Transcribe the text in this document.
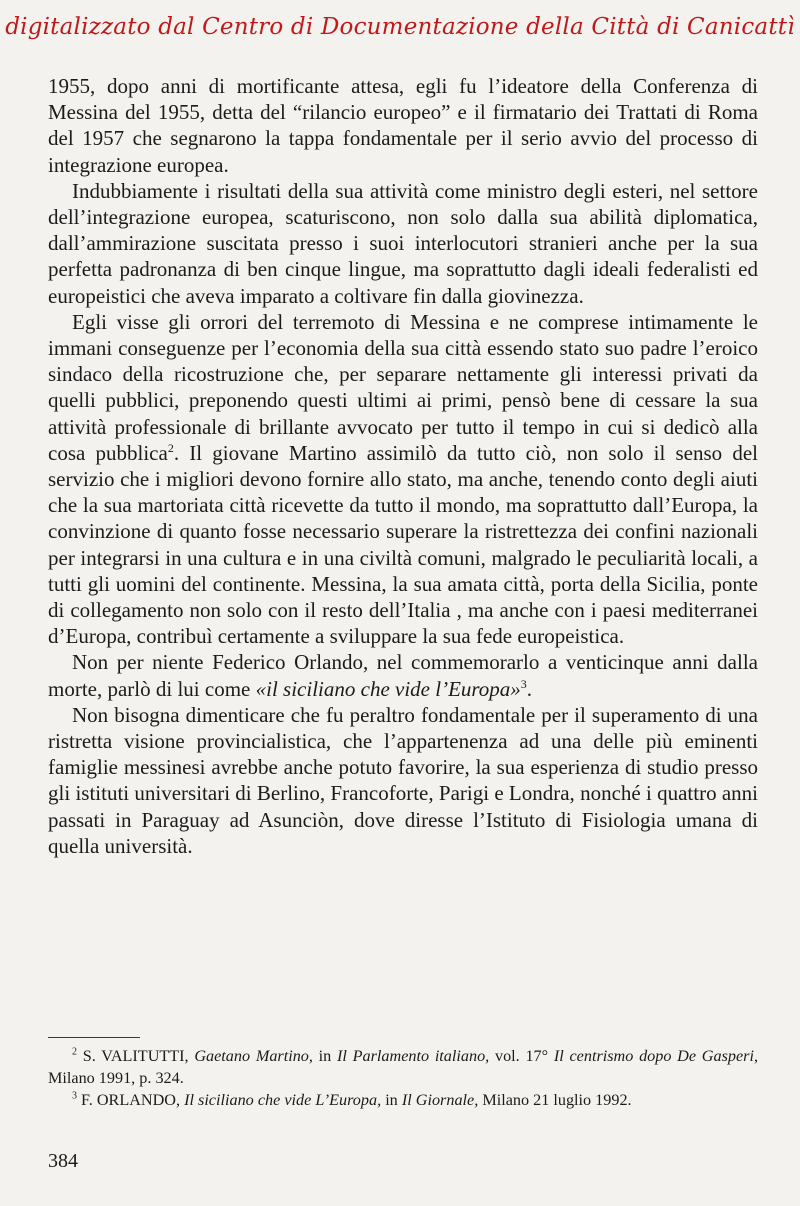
digitalizzato dal Centro di Documentazione della Città di Canicattì

1955, dopo anni di mortificante attesa, egli fu l’ideatore della Conferenza di Messina del 1955, detta del “rilancio europeo” e il firmatario dei Trattati di Roma del 1957 che segnarono la tappa fondamentale per il serio avvio del processo di integrazione europea.

Indubbiamente i risultati della sua attività come ministro degli esteri, nel settore dell’integrazione europea, scaturiscono, non solo dalla sua abilità diplomatica, dall’ammirazione suscitata presso i suoi interlocutori stranieri anche per la sua perfetta padronanza di ben cinque lingue, ma soprattutto dagli ideali federalisti ed europeistici che aveva imparato a coltivare fin dalla giovinezza.

Egli visse gli orrori del terremoto di Messina e ne comprese intimamente le immani conseguenze per l’economia della sua città essendo stato suo padre l’eroico sindaco della ricostruzione che, per separare nettamente gli interessi privati da quelli pubblici, preponendo questi ultimi ai primi, pensò bene di cessare la sua attività professionale di brillante avvocato per tutto il tempo in cui si dedicò alla cosa pubblica$^2$. Il giovane Martino assimilò da tutto ciò, non solo il senso del servizio che i migliori devono fornire allo stato, ma anche, tenendo conto degli aiuti che la sua martoriata città ricevette da tutto il mondo, ma soprattutto dall’Europa, la convinzione di quanto fosse necessario superare la ristrettezza dei confini nazionali per integrarsi in una cultura e in una civiltà comuni, malgrado le peculiarità locali, a tutti gli uomini del continente. Messina, la sua amata città, porta della Sicilia, ponte di collegamento non solo con il resto dell’Italia , ma anche con i paesi mediterranei d’Europa, contribuì certamente a sviluppare la sua fede europeistica.

Non per niente Federico Orlando, nel commemorarlo a venticinque anni dalla morte, parlò di lui come «il siciliano che vide l’Europa»$^3$.

Non bisogna dimenticare che fu peraltro fondamentale per il superamento di una ristretta visione provincialistica, che l’appartenenza ad una delle più eminenti famiglie messinesi avrebbe anche potuto favorire, la sua esperienza di studio presso gli istituti universitari di Berlino, Francoforte, Parigi e Londra, nonché i quattro anni passati in Paraguay ad Asunciòn, dove diresse l’Istituto di Fisiologia umana di quella università.

$^2$ S. VALITUTTI, Gaetano Martino, in Il Parlamento italiano, vol. 17° Il centrismo dopo De Gasperi, Milano 1991, p. 324.

$^3$ F. ORLANDO, Il siciliano che vide L’Europa, in Il Giornale, Milano 21 luglio 1992.

384
